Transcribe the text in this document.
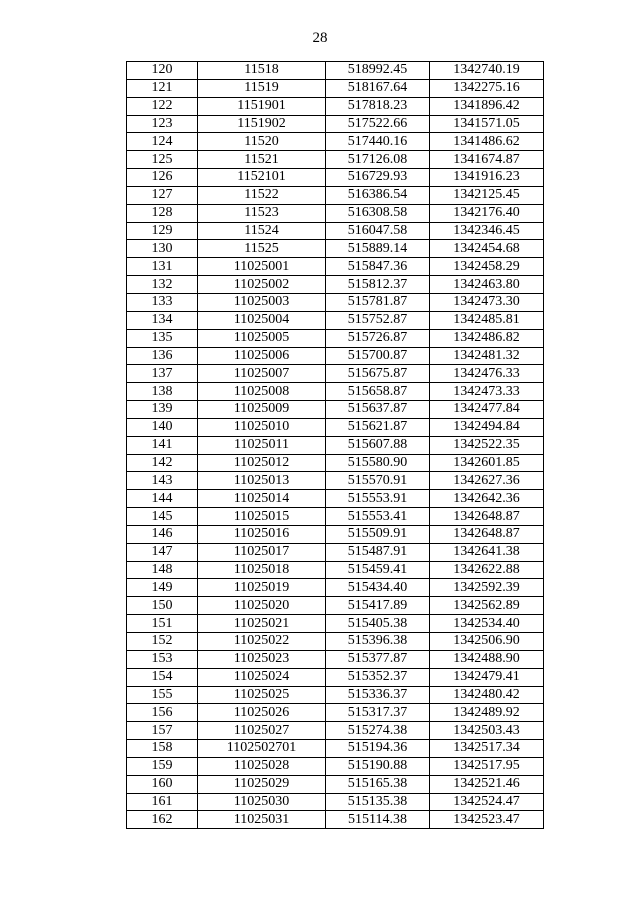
28
120	11518	518992.45	1342740.19
121	11519	518167.64	1342275.16
122	1151901	517818.23	1341896.42
123	1151902	517522.66	1341571.05
124	11520	517440.16	1341486.62
125	11521	517126.08	1341674.87
126	1152101	516729.93	1341916.23
127	11522	516386.54	1342125.45
128	11523	516308.58	1342176.40
129	11524	516047.58	1342346.45
130	11525	515889.14	1342454.68
131	11025001	515847.36	1342458.29
132	11025002	515812.37	1342463.80
133	11025003	515781.87	1342473.30
134	11025004	515752.87	1342485.81
135	11025005	515726.87	1342486.82
136	11025006	515700.87	1342481.32
137	11025007	515675.87	1342476.33
138	11025008	515658.87	1342473.33
139	11025009	515637.87	1342477.84
140	11025010	515621.87	1342494.84
141	11025011	515607.88	1342522.35
142	11025012	515580.90	1342601.85
143	11025013	515570.91	1342627.36
144	11025014	515553.91	1342642.36
145	11025015	515553.41	1342648.87
146	11025016	515509.91	1342648.87
147	11025017	515487.91	1342641.38
148	11025018	515459.41	1342622.88
149	11025019	515434.40	1342592.39
150	11025020	515417.89	1342562.89
151	11025021	515405.38	1342534.40
152	11025022	515396.38	1342506.90
153	11025023	515377.87	1342488.90
154	11025024	515352.37	1342479.41
155	11025025	515336.37	1342480.42
156	11025026	515317.37	1342489.92
157	11025027	515274.38	1342503.43
158	1102502701	515194.36	1342517.34
159	11025028	515190.88	1342517.95
160	11025029	515165.38	1342521.46
161	11025030	515135.38	1342524.47
162	11025031	515114.38	1342523.47
